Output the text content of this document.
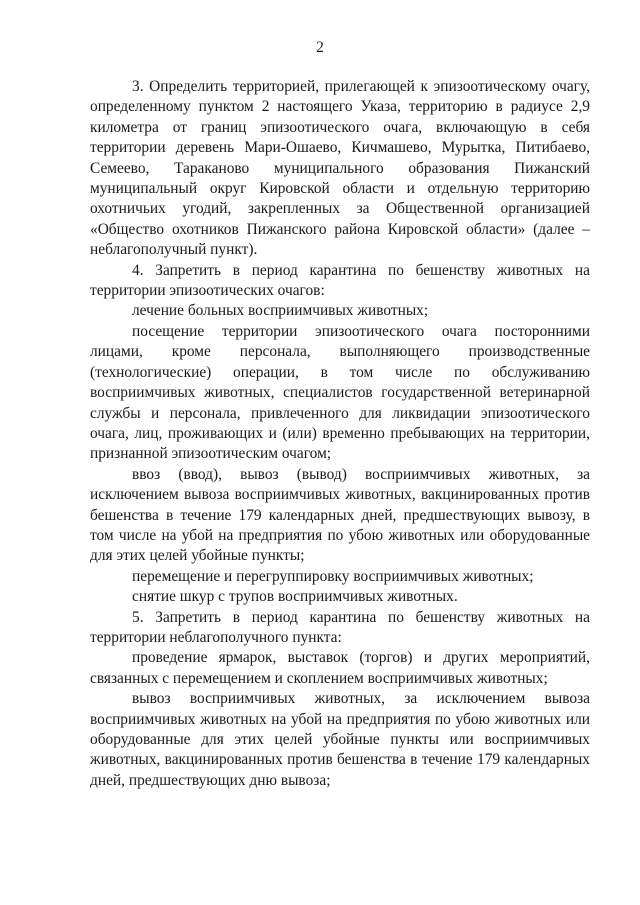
2

3. Определить территорией, прилегающей к эпизоотическому очагу, определенному пунктом 2 настоящего Указа, территорию в радиусе 2,9 километра от границ эпизоотического очага, включающую в себя территории деревень Мари-Ошаево, Кичмашево, Мурытка, Питибаево, Семеево, Тараканово муниципального образования Пижанский муниципальный округ Кировской области и отдельную территорию охотничьих угодий, закрепленных за Общественной организацией «Общество охотников Пижанского района Кировской области» (далее – неблагополучный пункт).

4. Запретить в период карантина по бешенству животных на территории эпизоотических очагов:

лечение больных восприимчивых животных;

посещение территории эпизоотического очага посторонними лицами, кроме персонала, выполняющего производственные (технологические) операции, в том числе по обслуживанию восприимчивых животных, специалистов государственной ветеринарной службы и персонала, привлеченного для ликвидации эпизоотического очага, лиц, проживающих и (или) временно пребывающих на территории, признанной эпизоотическим очагом;

ввоз (ввод), вывоз (вывод) восприимчивых животных, за исключением вывоза восприимчивых животных, вакцинированных против бешенства в течение 179 календарных дней, предшествующих вывозу, в том числе на убой на предприятия по убою животных или оборудованные для этих целей убойные пункты;

перемещение и перегруппировку восприимчивых животных;

снятие шкур с трупов восприимчивых животных.

5. Запретить в период карантина по бешенству животных на территории неблагополучного пункта:

проведение ярмарок, выставок (торгов) и других мероприятий, связанных с перемещением и скоплением восприимчивых животных;

вывоз восприимчивых животных, за исключением вывоза восприимчивых животных на убой на предприятия по убою животных или оборудованные для этих целей убойные пункты или восприимчивых животных, вакцинированных против бешенства в течение 179 календарных дней, предшествующих дню вывоза;
